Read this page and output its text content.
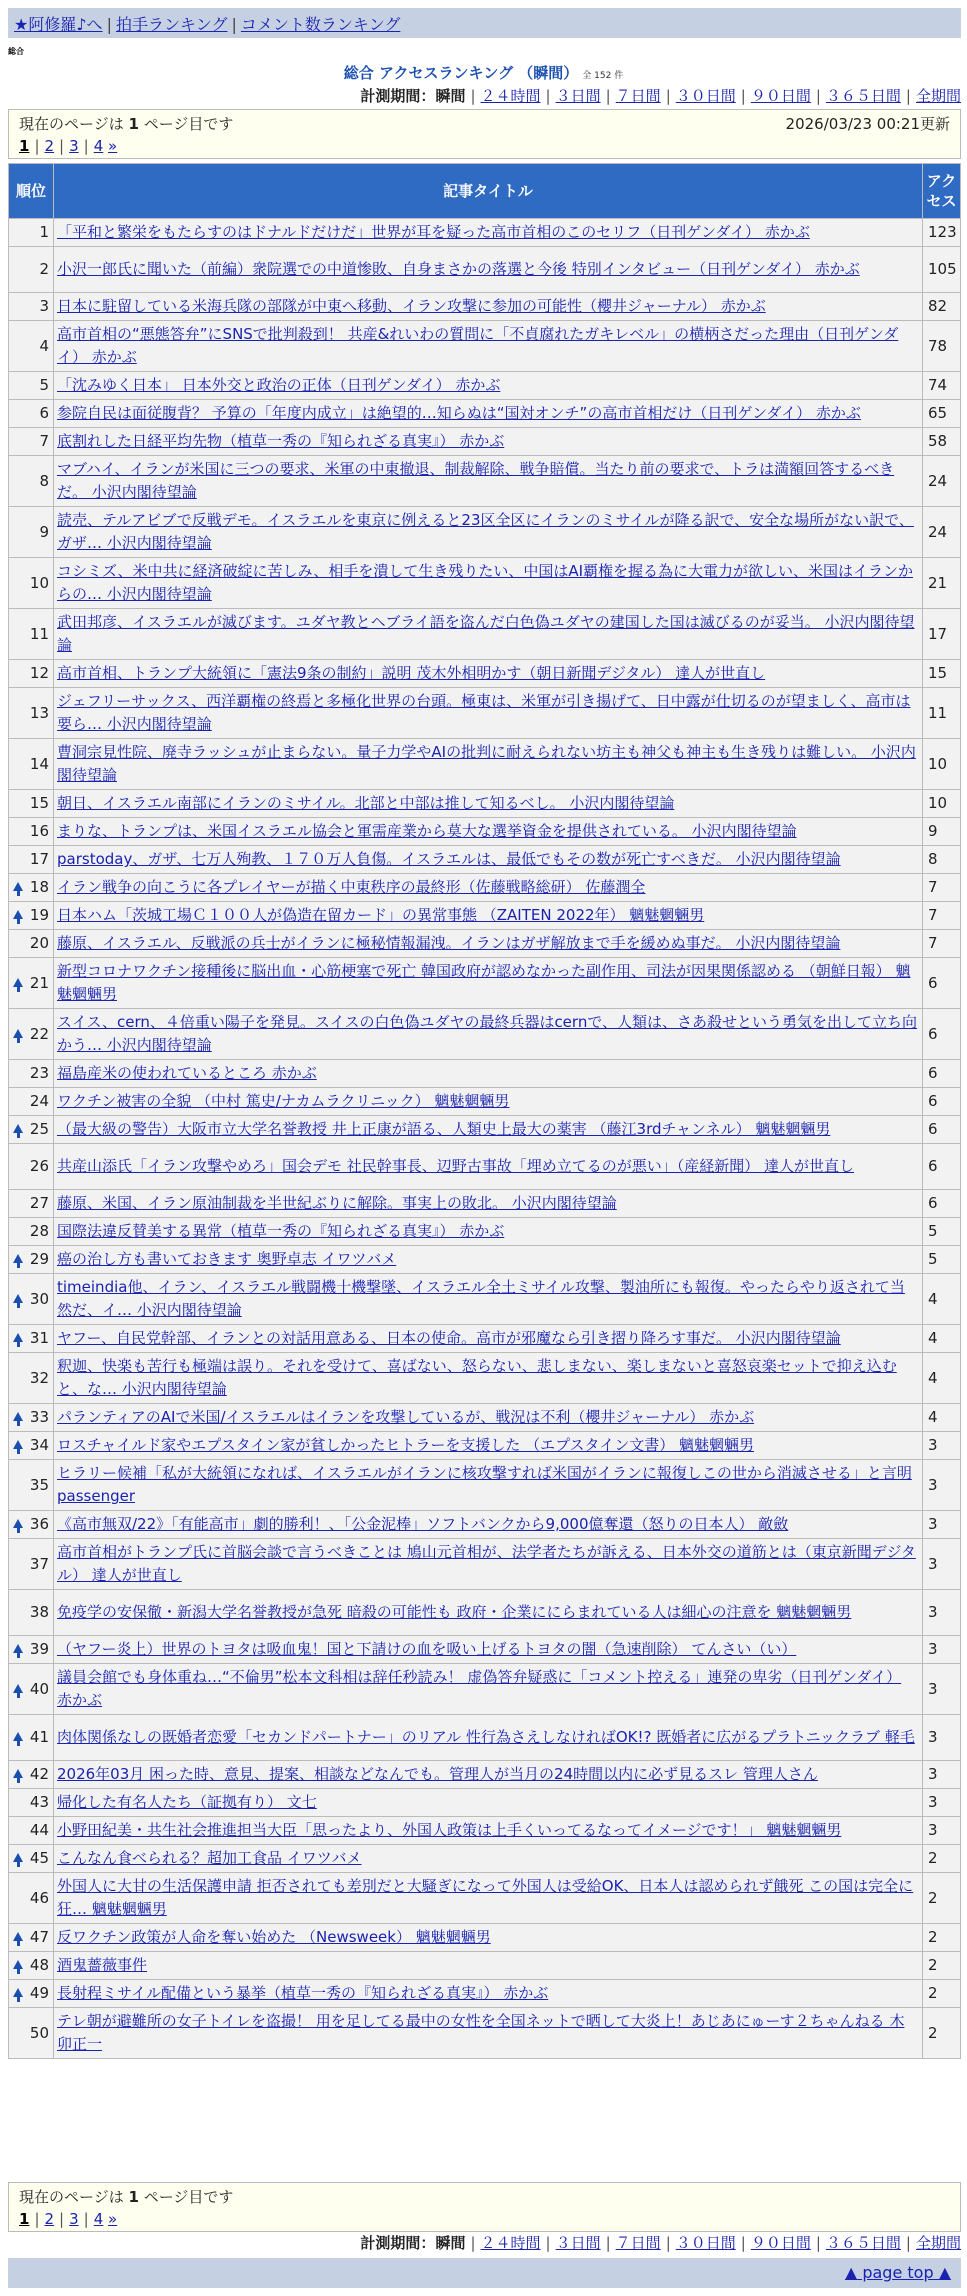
★阿修羅♪へ | 拍手ランキング | コメント数ランキング
総合
総合 アクセスランキング （瞬間） 全 152 件
計測期間：瞬間 | ２４時間 | ３日間 | ７日間 | ３０日間 | ９０日間 | ３６５日間 | 全期間
現在のページは 1 ページ目です	2026/03/23 00:21更新
1 | 2 | 3 | 4 »
順位	記事タイトル	アクセス
1	「平和と繁栄をもたらすのはドナルドだけだ」世界が耳を疑った高市首相のこのセリフ（日刊ゲンダイ） 赤かぶ	123
2	小沢一郎氏に聞いた（前編）衆院選での中道惨敗、自身まさかの落選と今後 特別インタビュー（日刊ゲンダイ） 赤かぶ	105
3	日本に駐留している米海兵隊の部隊が中東へ移動、イラン攻撃に参加の可能性（櫻井ジャーナル） 赤かぶ	82
4	高市首相の“悪態答弁”にSNSで批判殺到！ 共産&れいわの質問に「不貞腐れたガキレベル」の横柄さだった理由（日刊ゲンダイ） 赤かぶ	78
5	「沈みゆく日本」 日本外交と政治の正体（日刊ゲンダイ） 赤かぶ	74
6	参院自民は面従腹背？ 予算の「年度内成立」は絶望的…知らぬは“国対オンチ”の高市首相だけ（日刊ゲンダイ） 赤かぶ	65
7	底割れした日経平均先物（植草一秀の『知られざる真実』） 赤かぶ	58
8	マブハイ、イランが米国に三つの要求、米軍の中東撤退、制裁解除、戦争賠償。当たり前の要求で、トラは満額回答するべきだ。 小沢内閣待望論	24
9	読売、テルアビブで反戦デモ。イスラエルを東京に例えると23区全区にイランのミサイルが降る訳で、安全な場所がない訳で、ガザ… 小沢内閣待望論	24
10	コシミズ、米中共に経済破綻に苦しみ、相手を潰して生き残りたい、中国はAI覇権を握る為に大電力が欲しい、米国はイランからの… 小沢内閣待望論	21
11	武田邦彦、イスラエルが滅びます。ユダヤ教とヘブライ語を盗んだ白色偽ユダヤの建国した国は滅びるのが妥当。 小沢内閣待望論	17
12	高市首相、トランプ大統領に「憲法9条の制約」説明 茂木外相明かす（朝日新聞デジタル） 達人が世直し	15
13	ジェフリーサックス、西洋覇権の終焉と多極化世界の台頭。極東は、米軍が引き揚げて、日中露が仕切るのが望ましく、高市は要ら… 小沢内閣待望論	11
14	曹洞宗見性院、廃寺ラッシュが止まらない。量子力学やAIの批判に耐えられない坊主も神父も神主も生き残りは難しい。 小沢内閣待望論	10
15	朝日、イスラエル南部にイランのミサイル。北部と中部は推して知るべし。 小沢内閣待望論	10
16	まりな、トランプは、米国イスラエル協会と軍需産業から莫大な選挙資金を提供されている。 小沢内閣待望論	9
17	parstoday、ガザ、七万人殉教、１７０万人負傷。イスラエルは、最低でもその数が死亡すべきだ。 小沢内閣待望論	8

18	イラン戦争の向こうに各プレイヤーが描く中東秩序の最終形（佐藤戦略総研） 佐藤潤全	7

19	日本ハム「茨城工場Ｃ１００人が偽造在留カード」の異常事態 （ZAITEN 2022年） 魑魅魍魎男	7
20	藤原、イスラエル、反戦派の兵士がイランに極秘情報漏洩。イランはガザ解放まで手を緩めぬ事だ。 小沢内閣待望論	7

21	新型コロナワクチン接種後に脳出血・心筋梗塞で死亡 韓国政府が認めなかった副作用、司法が因果関係認める （朝鮮日報） 魑魅魍魎男	6

22	スイス、cern、４倍重い陽子を発見。スイスの白色偽ユダヤの最終兵器はcernで、人類は、さあ殺せという勇気を出して立ち向かう… 小沢内閣待望論	6
23	福島産米の使われているところ 赤かぶ	6
24	ワクチン被害の全貌 （中村 篤史/ナカムラクリニック） 魑魅魍魎男	6

25	（最大級の警告）大阪市立大学名誉教授 井上正康が語る、人類史上最大の薬害 （藤江3rdチャンネル） 魑魅魍魎男	6
26	共産山添氏「イラン攻撃やめろ」国会デモ 社民幹事長、辺野古事故「埋め立てるのが悪い」（産経新聞） 達人が世直し	6
27	藤原、米国、イラン原油制裁を半世紀ぶりに解除。事実上の敗北。 小沢内閣待望論	6
28	国際法違反賛美する異常（植草一秀の『知られざる真実』） 赤かぶ	5

29	癌の治し方も書いておきます 奥野卓志 イワツバメ	5

30	timeindia他、イラン、イスラエル戦闘機十機撃墜、イスラエル全土ミサイル攻撃、製油所にも報復。やったらやり返されて当然だ、イ… 小沢内閣待望論	4

31	ヤフー、自民党幹部、イランとの対話用意ある、日本の使命。高市が邪魔なら引き摺り降ろす事だ。 小沢内閣待望論	4
32	釈迦、快楽も苦行も極端は誤り。それを受けて、喜ばない、怒らない、悲しまない、楽しまないと喜怒哀楽セットで抑え込むと、な… 小沢内閣待望論	4

33	パランティアのAIで米国/イスラエルはイランを攻撃しているが、戦況は不利（櫻井ジャーナル） 赤かぶ	4

34	ロスチャイルド家やエプスタイン家が貧しかったヒトラーを支援した （エプスタイン文書） 魑魅魍魎男	3
35	ヒラリー候補「私が大統領になれば、イスラエルがイランに核攻撃すれば米国がイランに報復しこの世から消滅させる」と言明 passenger	3

36	《高市無双/22》「有能高市」劇的勝利！、「公金泥棒」ソフトバンクから9,000億奪還（怒りの日本人） 敵斂	3
37	高市首相がトランプ氏に首脳会談で言うべきことは 鳩山元首相が、法学者たちが訴える、日本外交の道筋とは（東京新聞デジタル） 達人が世直し	3
38	免疫学の安保徹・新潟大学名誉教授が急死 暗殺の可能性も 政府・企業ににらまれている人は細心の注意を 魑魅魍魎男	3

39	（ヤフー炎上）世界のトヨタは吸血鬼！国と下請けの血を吸い上げるトヨタの闇（急速削除） てんさい（い）	3

40	議員会館でも身体重ね…“不倫男”松本文科相は辞任秒読み！ 虚偽答弁疑惑に「コメント控える」連発の卑劣（日刊ゲンダイ） 赤かぶ	3

41	肉体関係なしの既婚者恋愛「セカンドパートナー」のリアル 性行為さえしなければOK!? 既婚者に広がるプラトニックラブ 軽毛	3

42	2026年03月 困った時、意見、提案、相談などなんでも。管理人が当月の24時間以内に必ず見るスレ 管理人さん	3
43	帰化した有名人たち（証拠有り） 文七	3
44	小野田紀美・共生社会推進担当大臣「思ったより、外国人政策は上手くいってるなってイメージです！」 魑魅魍魎男	3

45	こんなん食べられる？超加工食品 イワツバメ	2
46	外国人に大甘の生活保護申請 拒否されても差別だと大騒ぎになって外国人は受給OK、日本人は認められず餓死 この国は完全に狂… 魑魅魍魎男	2

47	反ワクチン政策が人命を奪い始めた （Newsweek） 魑魅魍魎男	2

48	酒鬼薔薇事件	2

49	長射程ミサイル配備という暴挙（植草一秀の『知られざる真実』） 赤かぶ	2
50	テレ朝が避難所の女子トイレを盗撮！ 用を足してる最中の女性を全国ネットで晒して大炎上！あじあにゅーす２ちゃんねる 木卯正一	2
現在のページは 1 ページ目です
1 | 2 | 3 | 4 »
計測期間：瞬間 | ２４時間 | ３日間 | ７日間 | ３０日間 | ９０日間 | ３６５日間 | 全期間
▲ page top ▲
